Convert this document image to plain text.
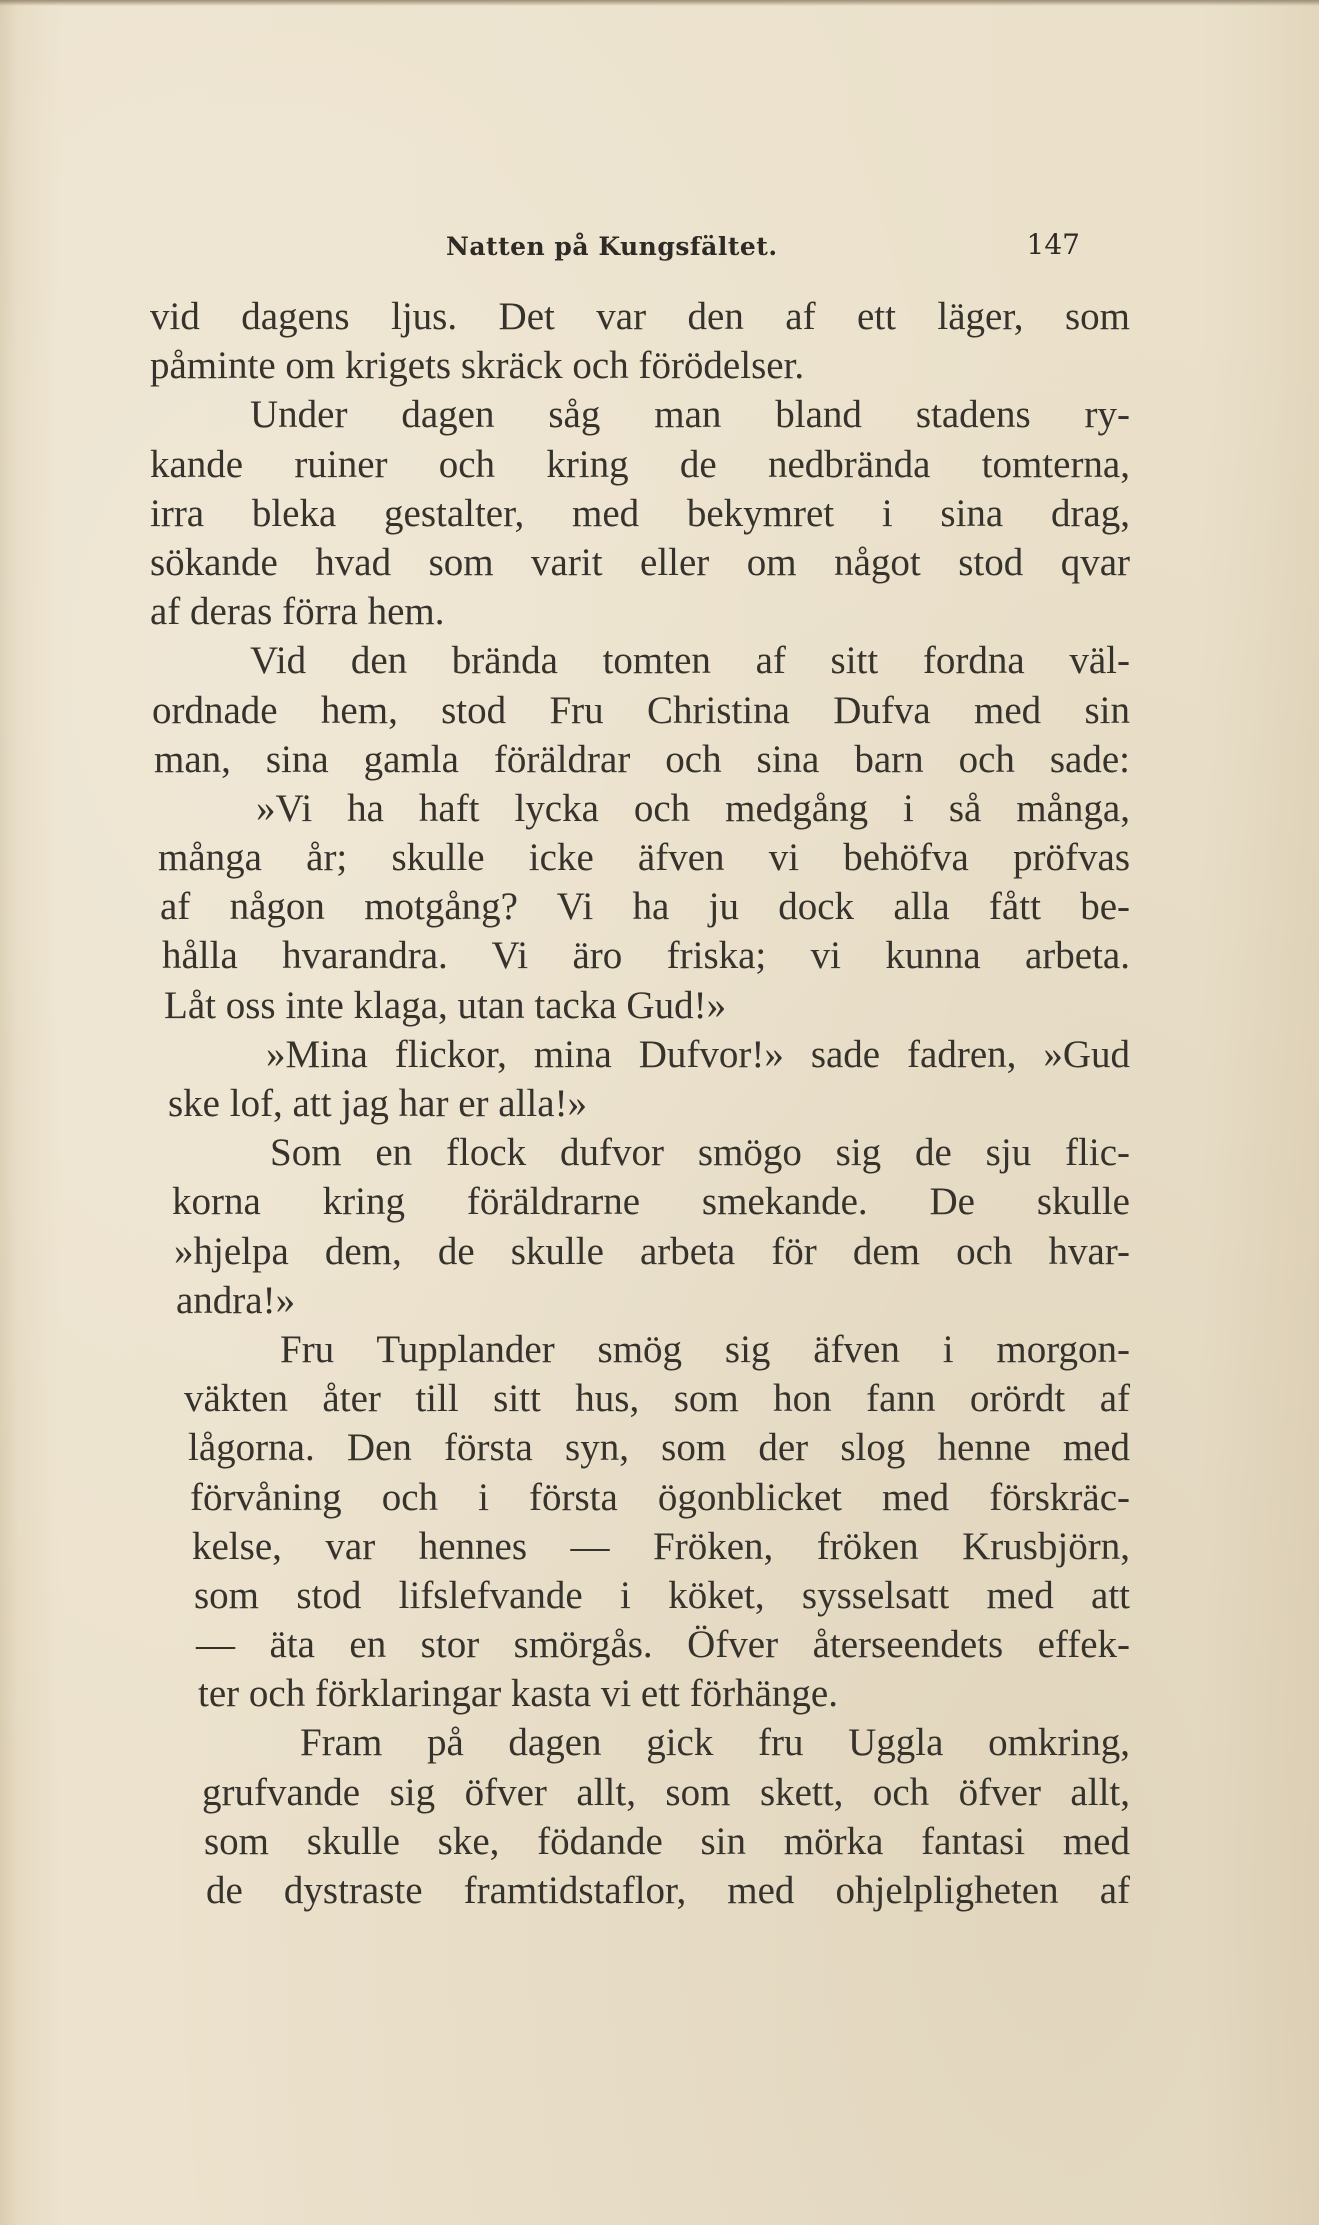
Natten på Kungsfältet.	147
vid dagens ljus. Det var den af ett läger, som
påminte om krigets skräck och förödelser.
Under dagen såg man bland stadens ry-
kande ruiner och kring de nedbrända tomterna,
irra bleka gestalter, med bekymret i sina drag,
sökande hvad som varit eller om något stod qvar
af deras förra hem.
Vid den brända tomten af sitt fordna väl-
ordnade hem, stod Fru Christina Dufva med sin
man, sina gamla föräldrar och sina barn och sade:
»Vi ha haft lycka och medgång i så många,
många år; skulle icke äfven vi behöfva pröfvas
af någon motgång? Vi ha ju dock alla fått be-
hålla hvarandra. Vi äro friska; vi kunna arbeta.
Låt oss inte klaga, utan tacka Gud!»
»Mina flickor, mina Dufvor!» sade fadren, »Gud
ske lof, att jag har er alla!»
Som en flock dufvor smögo sig de sju flic-
korna kring föräldrarne smekande. De skulle
»hjelpa dem, de skulle arbeta för dem och hvar-
andra!»
Fru Tupplander smög sig äfven i morgon-
väkten åter till sitt hus, som hon fann orördt af
lågorna. Den första syn, som der slog henne med
förvåning och i första ögonblicket med förskräc-
kelse, var hennes — Fröken, fröken Krusbjörn,
som stod lifslefvande i köket, sysselsatt med att
— äta en stor smörgås. Öfver återseendets effek-
ter och förklaringar kasta vi ett förhänge.
Fram på dagen gick fru Uggla omkring,
grufvande sig öfver allt, som skett, och öfver allt,
som skulle ske, födande sin mörka fantasi med
de dystraste framtidstaflor, med ohjelpligheten af
